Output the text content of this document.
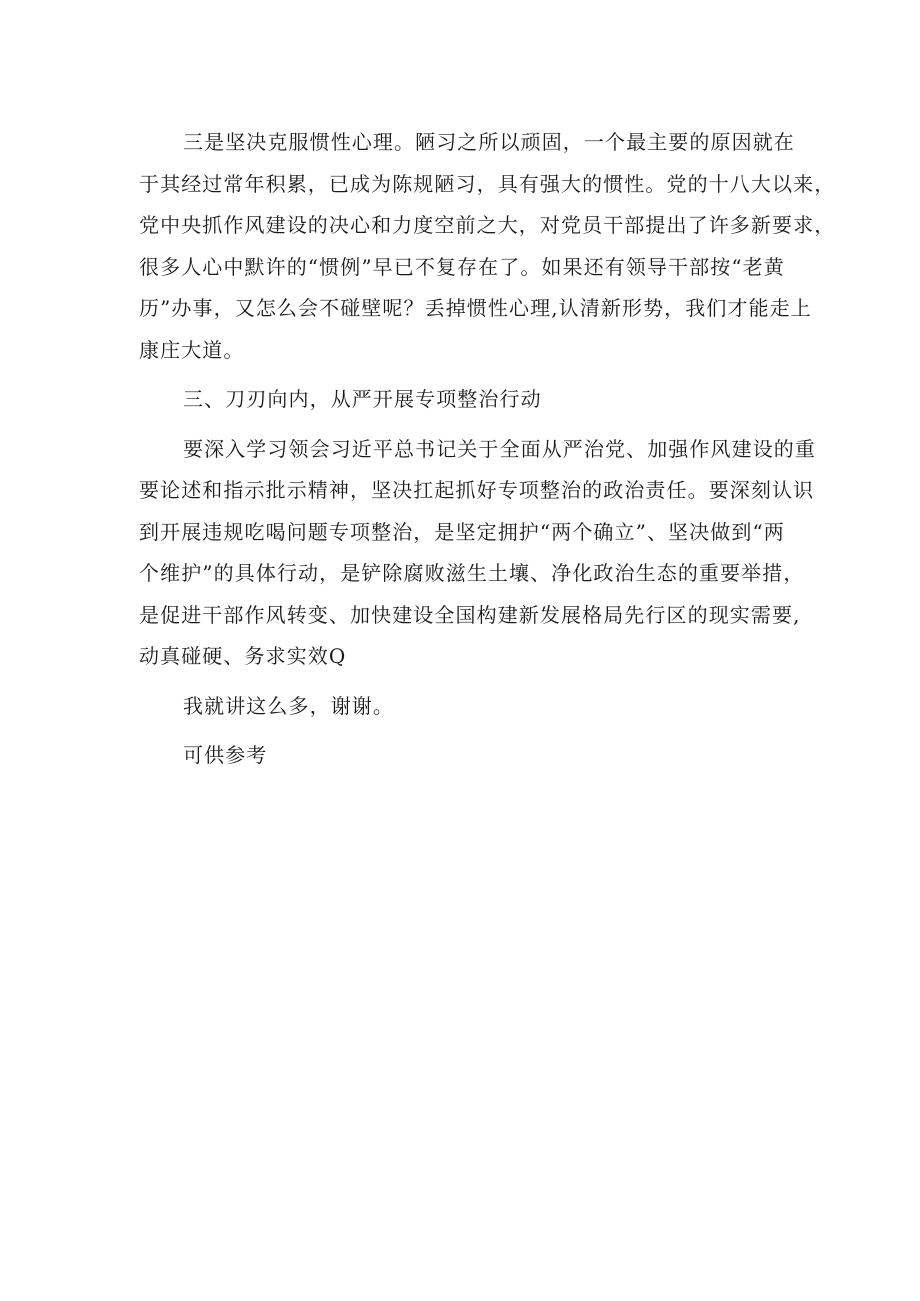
三是坚决克服惯性心理。陋习之所以顽固，一个最主要的原因就在
于其经过常年积累，已成为陈规陋习，具有强大的惯性。党的十八大以来，
党中央抓作风建设的决心和力度空前之大，对党员干部提出了许多新要求，
很多人心中默许的“惯例”早已不复存在了。如果还有领导干部按“老黄
历”办事，又怎么会不碰壁呢？丢掉惯性心理,认清新形势，我们才能走上
康庄大道。

三、刀刃向内，从严开展专项整治行动

要深入学习领会习近平总书记关于全面从严治党、加强作风建设的重
要论述和指示批示精神，坚决扛起抓好专项整治的政治责任。要深刻认识
到开展违规吃喝问题专项整治，是坚定拥护“两个确立”、坚决做到“两
个维护”的具体行动，是铲除腐败滋生土壤、净化政治生态的重要举措，
是促进干部作风转变、加快建设全国构建新发展格局先行区的现实需要,
动真碰硬、务求实效Q

我就讲这么多，谢谢。

可供参考
